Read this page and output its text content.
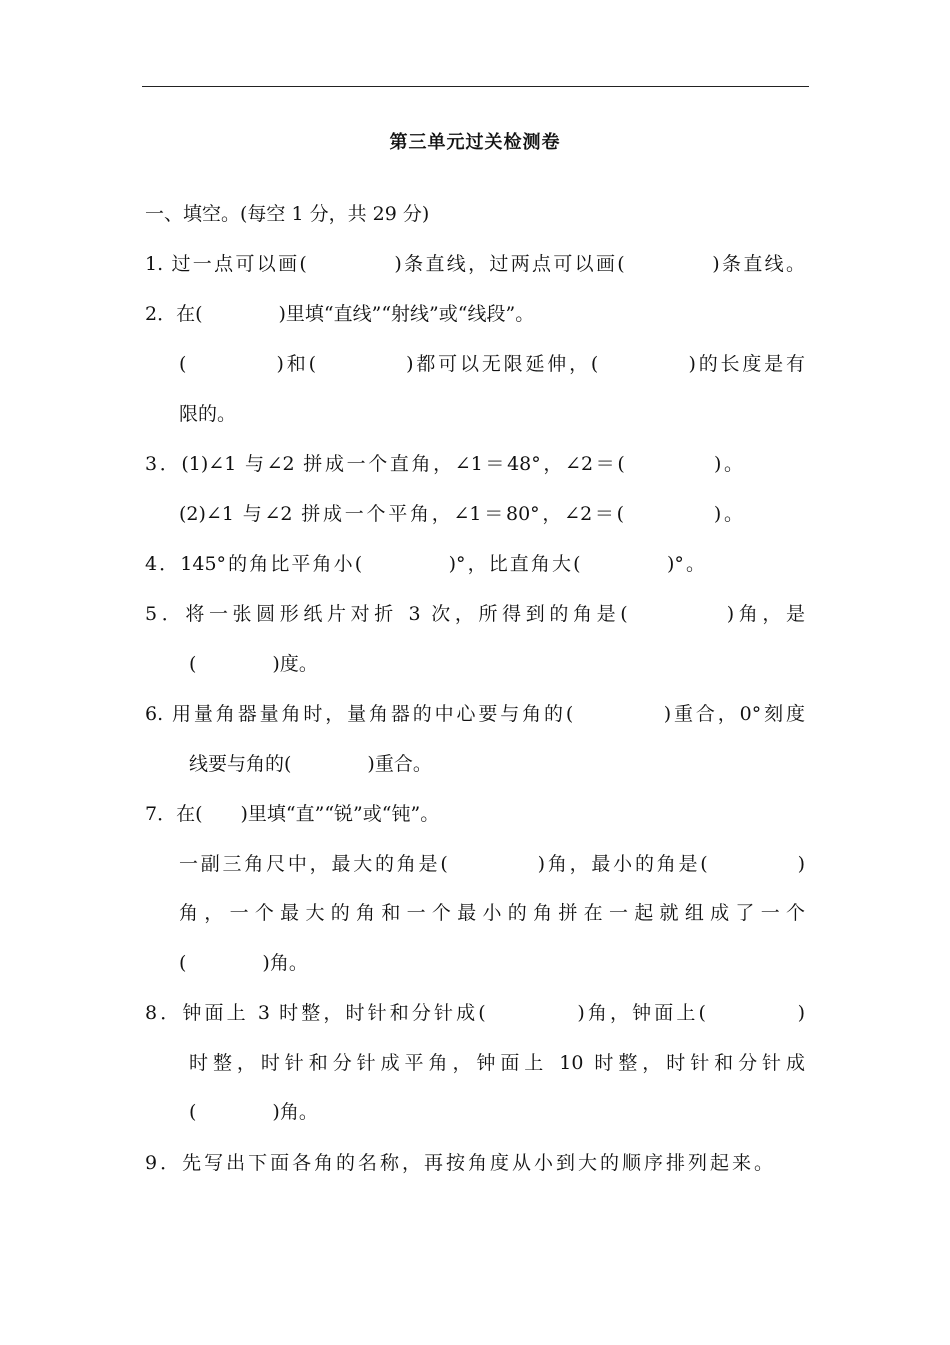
第三单元过关检测卷
一、填空。(每空 1 分，共 29 分)
1. 过一点可以画(　　　　)条直线，过两点可以画(　　　　)条直线。
2．在(　　　　)里填“直线”“射线”或“线段”。
(　　　　)和(　　　　)都可以无限延伸，(　　　　)的长度是有
限的。
3．(1)∠1 与∠2 拼成一个直角，∠1＝48°，∠2＝(　　　　)。
(2)∠1 与∠2 拼成一个平角，∠1＝80°，∠2＝(　　　　)。
4．145°的角比平角小(　　　　)°，比直角大(　　　　)°。
5．将一张圆形纸片对折 3 次，所得到的角是(　　　　)角，是
(　　　　)度。
6. 用量角器量角时，量角器的中心要与角的(　　　　)重合，0°刻度
线要与角的(　　　　)重合。
7．在(　　)里填“直”“锐”或“钝”。
一副三角尺中，最大的角是(　　　　)角，最小的角是(　　　　)
角，一个最大的角和一个最小的角拼在一起就组成了一个
(　　　　)角。
8．钟面上 3 时整，时针和分针成(　　　　)角，钟面上(　　　　)
时整，时针和分针成平角，钟面上 10 时整，时针和分针成
(　　　　)角。
9．先写出下面各角的名称，再按角度从小到大的顺序排列起来。
